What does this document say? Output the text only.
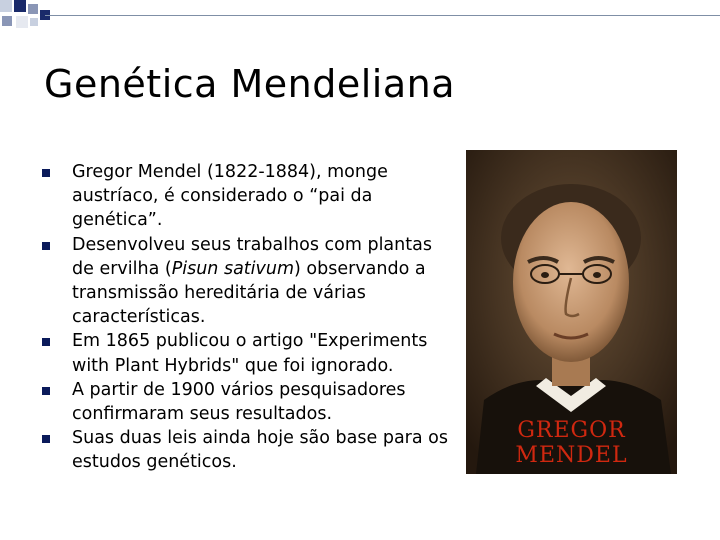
Genética Mendeliana
Gregor Mendel (1822-1884), monge austríaco, é considerado o “pai da genética”.
Desenvolveu seus trabalhos com plantas de ervilha (Pisun sativum) observando a transmissão hereditária de várias características.
Em 1865 publicou o artigo "Experiments with Plant Hybrids" que foi ignorado.
A partir de 1900 vários pesquisadores confirmaram seus resultados.
Suas duas leis ainda hoje são base para os estudos genéticos.
GREGOR MENDEL
